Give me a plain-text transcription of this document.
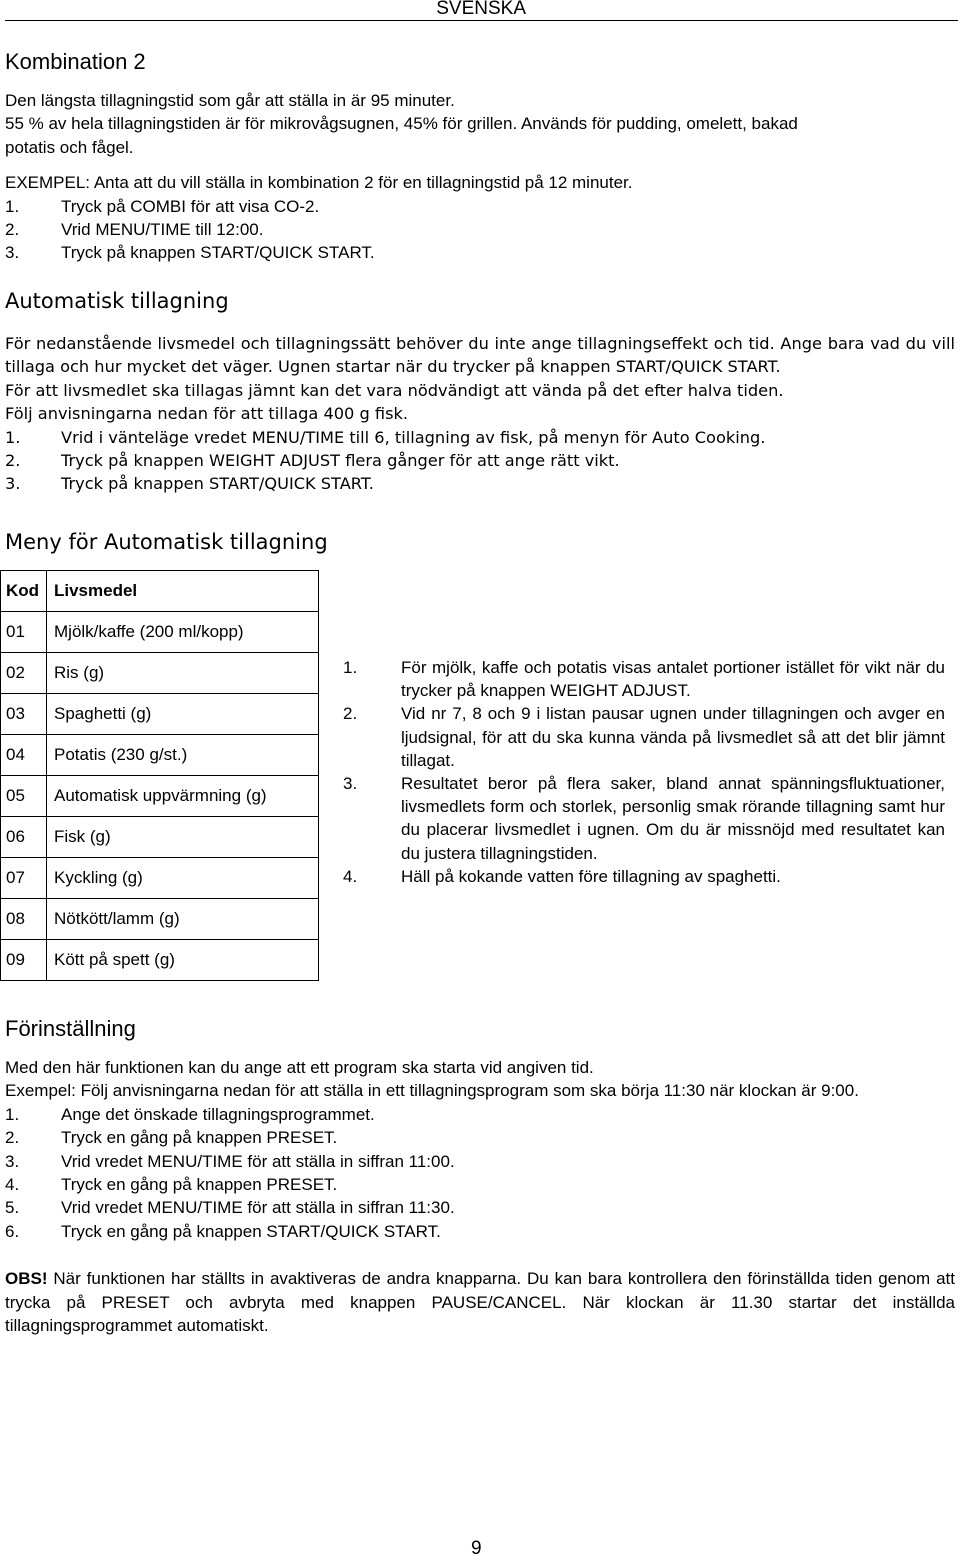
SVENSKA
Kombination 2

Den längsta tillagningstid som går att ställa in är 95 minuter.

55 % av hela tillagningstiden är för mikrovågsugnen, 45% för grillen. Används för pudding, omelett, bakad

potatis och fågel.

EXEMPEL: Anta att du vill ställa in kombination 2 för en tillagningstid på 12 minuter.

1. Tryck på COMBI för att visa CO-2.

2. Vrid MENU/TIME till 12:00.

3. Tryck på knappen START/QUICK START.

Automatisk tillagning

För nedanstående livsmedel och tillagningssätt behöver du inte ange tillagningseffekt och tid. Ange bara vad du vill tillaga och hur mycket det väger. Ugnen startar när du trycker på knappen START/QUICK START.

För att livsmedlet ska tillagas jämnt kan det vara nödvändigt att vända på det efter halva tiden.

Följ anvisningarna nedan för att tillaga 400 g fisk.

1.	Vrid i vänteläge vredet MENU/TIME till 6, tillagning av fisk, på menyn för Auto Cooking.

2.	Tryck på knappen WEIGHT ADJUST flera gånger för att ange rätt vikt.

3.	Tryck på knappen START/QUICK START.

Meny för Automatisk tillagning
Kod	Livsmedel	
01	Mjölk/kaffe (200 ml/kopp)	
02	Ris (g)	
03	Spaghetti (g)	
04	Potatis (230 g/st.)	
05	Automatisk uppvärmning (g)	
06	Fisk (g)	
07	Kyckling (g)	
08	Nötkött/lamm (g)	
09	Kött på spett (g)	
1.	För mjölk, kaffe och potatis visas antalet portioner istället för vikt när du trycker på knappen WEIGHT ADJUST.
2.	Vid nr 7, 8 och 9 i listan pausar ugnen under tillagningen och avger en ljudsignal, för att du ska kunna vända på livsmedlet så att det blir jämnt tillagat.
3.	Resultatet beror på flera saker, bland annat spänningsfluktuationer, livsmedlets form och storlek, personlig smak rörande tillagning samt hur du placerar livsmedlet i ugnen. Om du är missnöjd med resultatet kan du justera tillagningstiden.
4.	Häll på kokande vatten före tillagning av spaghetti.
Förinställning

Med den här funktionen kan du ange att ett program ska starta vid angiven tid.

Exempel: Följ anvisningarna nedan för att ställa in ett tillagningsprogram som ska börja 11:30 när klockan är 9:00.

1. Ange det önskade tillagningsprogrammet.

2. Tryck en gång på knappen PRESET.

3. Vrid vredet MENU/TIME för att ställa in siffran 11:00.

4. Tryck en gång på knappen PRESET.

5. Vrid vredet MENU/TIME för att ställa in siffran 11:30.

6. Tryck en gång på knappen START/QUICK START.

OBS! När funktionen har ställts in avaktiveras de andra knapparna. Du kan bara kontrollera den förinställda tiden genom att trycka på PRESET och avbryta med knappen PAUSE/CANCEL. När klockan är 11.30 startar det inställda tillagningsprogrammet automatiskt.

9
